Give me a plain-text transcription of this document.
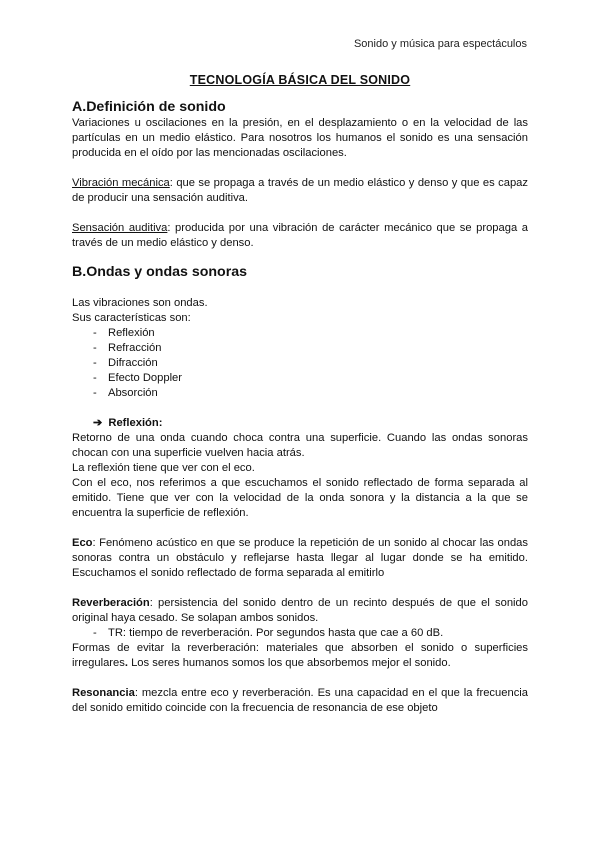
Sonido y música para espectáculos
TECNOLOGÍA BÁSICA DEL SONIDO
A.Definición de sonido

Variaciones u oscilaciones en la presión, en el desplazamiento o en la velocidad de las partículas en un medio elástico. Para nosotros los humanos el sonido es una sensación producida en el oído por las mencionadas oscilaciones.

Vibración mecánica: que se propaga a través de un medio elástico y denso y que es capaz de producir una sensación auditiva.

Sensación auditiva: producida por una vibración de carácter mecánico que se propaga a través de un medio elástico y denso.

B.Ondas y ondas sonoras

Las vibraciones son ondas.

Sus características son:

- Reflexión
- Refracción
- Difracción
- Efecto Doppler
- Absorción
➔ Reflexión:

Retorno de una onda cuando choca contra una superficie. Cuando las ondas sonoras chocan con una superficie vuelven hacia atrás.

La reflexión tiene que ver con el eco.

Con el eco, nos referimos a que escuchamos el sonido reflectado de forma separada al emitido. Tiene que ver con la velocidad de la onda sonora y la distancia a la que se encuentra la superficie de reflexión.

Eco: Fenómeno acústico en que se produce la repetición de un sonido al chocar las ondas sonoras contra un obstáculo y reflejarse hasta llegar al lugar donde se ha emitido. Escuchamos el sonido reflectado de forma separada al emitirlo

Reverberación: persistencia del sonido dentro de un recinto después de que el sonido original haya cesado. Se solapan ambos sonidos.

- TR: tiempo de reverberación. Por segundos hasta que cae a 60 dB.

Formas de evitar la reverberación: materiales que absorben el sonido o superficies irregulares. Los seres humanos somos los que absorbemos mejor el sonido.

Resonancia: mezcla entre eco y reverberación. Es una capacidad en el que la frecuencia del sonido emitido coincide con la frecuencia de resonancia de ese objeto
